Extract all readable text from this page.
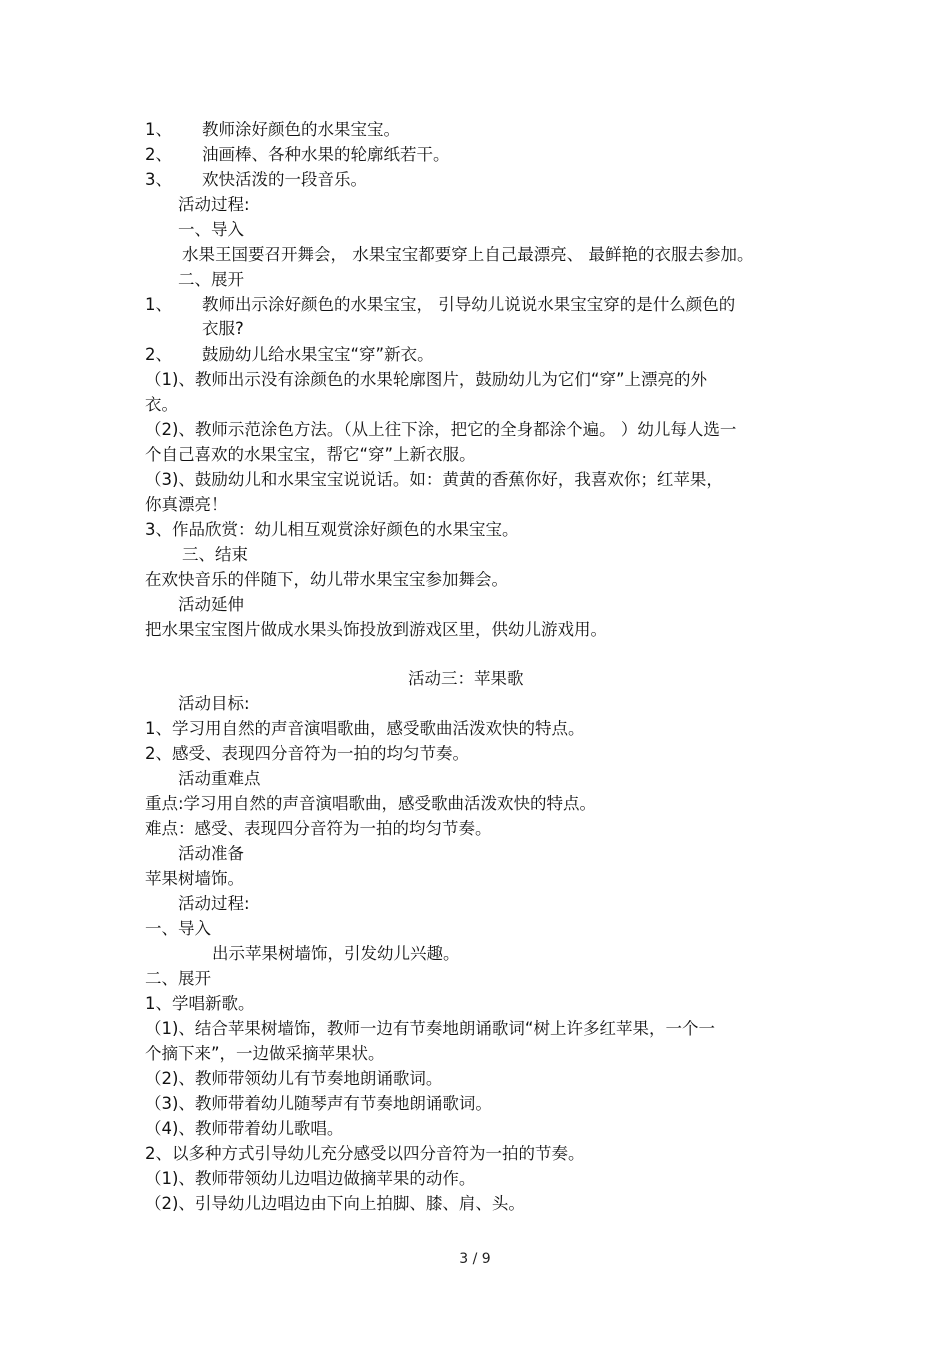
1、 教师涂好颜色的水果宝宝。
2、 油画棒、各种水果的轮廓纸若干。
3、 欢快活泼的一段音乐。
活动过程:
一、导入
水果王国要召开舞会， 水果宝宝都要穿上自己最漂亮、 最鲜艳的衣服去参加。
二、展开
1、 教师出示涂好颜色的水果宝宝， 引导幼儿说说水果宝宝穿的是什么颜色的
衣服?
2、 鼓励幼儿给水果宝宝“穿”新衣。
（1)、教师出示没有涂颜色的水果轮廓图片，鼓励幼儿为它们“穿”上漂亮的外
衣。
（2)、教师示范涂色方法。（从上往下涂，把它的全身都涂个遍。 ）幼儿每人选一
个自己喜欢的水果宝宝，帮它“穿”上新衣服。
（3)、鼓励幼儿和水果宝宝说说话。如：黄黄的香蕉你好，我喜欢你；红苹果，
你真漂亮！
3、作品欣赏：幼儿相互观赏涂好颜色的水果宝宝。
三、结束
在欢快音乐的伴随下，幼儿带水果宝宝参加舞会。
活动延伸
把水果宝宝图片做成水果头饰投放到游戏区里，供幼儿游戏用。
活动三：苹果歌
活动目标:
1、学习用自然的声音演唱歌曲，感受歌曲活泼欢快的特点。
2、感受、表现四分音符为一拍的均匀节奏。
活动重难点
重点:学习用自然的声音演唱歌曲，感受歌曲活泼欢快的特点。
难点：感受、表现四分音符为一拍的均匀节奏。
活动准备
苹果树墙饰。
活动过程:
一、导入
出示苹果树墙饰，引发幼儿兴趣。
二、展开
1、学唱新歌。
（1)、结合苹果树墙饰，教师一边有节奏地朗诵歌词“树上许多红苹果，一个一
个摘下来”，一边做采摘苹果状。
（2)、教师带领幼儿有节奏地朗诵歌词。
（3)、教师带着幼儿随琴声有节奏地朗诵歌词。
（4)、教师带着幼儿歌唱。
2、以多种方式引导幼儿充分感受以四分音符为一拍的节奏。
（1)、教师带领幼儿边唱边做摘苹果的动作。
（2)、引导幼儿边唱边由下向上拍脚、膝、肩、头。
3 / 9
